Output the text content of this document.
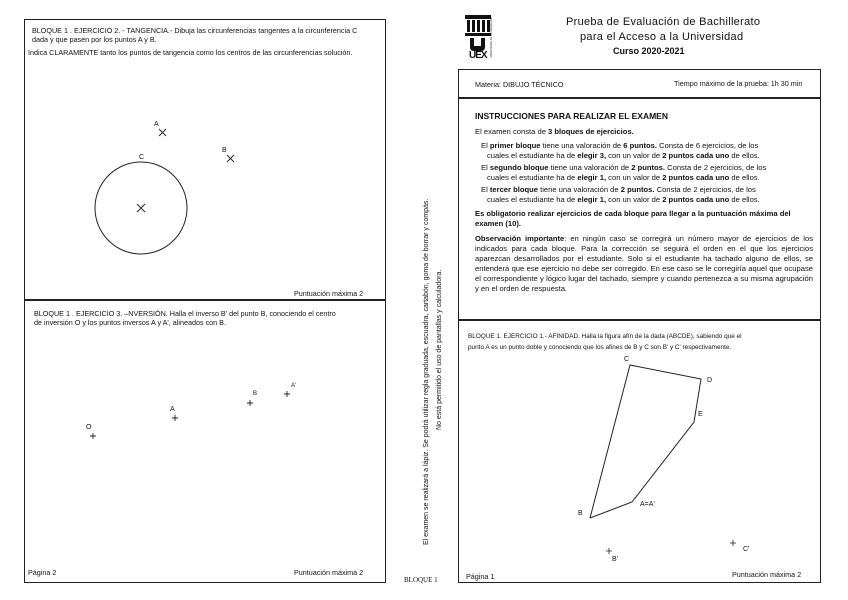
BLOQUE 1 . EJERCICIO 2. - TANGENCIA.- Dibuja las circunferencias tangentes a la circunferencia C
dada y que pasen por los puntos A y B.
Indica CLARAMENTE tanto los puntos de tangencia como los centros de las circunferencias solución.
A
B
C
Puntuación máxima 2
BLOQUE 1 . EJERCICIO 3. –NVERSIÓN. Halla el inverso B' del punto B, conociendo el centro
de inversión O y los puntos inversos A y A', alineados con B.
O
A
B
A'
Página 2	Puntuación máxima 2
El examen se realizará a lápiz. Se podrá utilizar regla graduada, escuadra, cartabón, goma de borrar y compás. No está permitido el uso de pantallas y calculadora.
BLOQUE 1
UEX UNIVERSIDAD DE EXTREMADURA	Prueba de Evaluación de Bachillerato
para el Acceso a la Universidad
Curso 2020-2021
Materia: DIBUJO TÉCNICO	Tiempo máximo de la prueba: 1h 30 min

INSTRUCCIONES PARA REALIZAR EL EXAMEN

El examen consta de 3 bloques de ejercicios.

El primer bloque tiene una valoración de 6 puntos. Consta de 6 ejercicios, de los

cuales el estudiante ha de elegir 3, con un valor de 2 puntos cada uno de ellos.

El segundo bloque tiene una valoración de 2 puntos. Consta de 2 ejercicios, de los

cuales el estudiante ha de elegir 1, con un valor de 2 puntos cada uno de ellos.

El tercer bloque tiene una valoración de 2 puntos. Consta de 2 ejercicios, de los

cuales el estudiante ha de elegir 1, con un valor de 2 puntos cada uno de ellos.

Es obligatorio realizar ejercicios de cada bloque para llegar a la puntuación máxima del examen (10).

Observación importante: en ningún caso se corregirá un número mayor de ejercicios de los indicados para cada bloque. Para la corrección se seguirá el orden en el que los ejercicios aparezcan desarrollados por el estudiante. Solo si el estudiante ha tachado alguno de ellos, se entenderá que ese ejercicio no debe ser corregido. En ese caso se le corregiría aquel que ocupase el correspondiente y lógico lugar del tachado, siempre y cuando pertenezca a su misma agrupación y en el orden de respuesta.

BLOQUE 1. EJERCICIO 1.- AFINIDAD. Halla la figura afín de la dada (ABCDE), sabiendo que el
punto A es un punto doble y conociendo que los afines de B y C son B' y C' respectivamente.
C
D
E
A=A'
B
B'
C'
Página 1	Puntuación máxima 2
